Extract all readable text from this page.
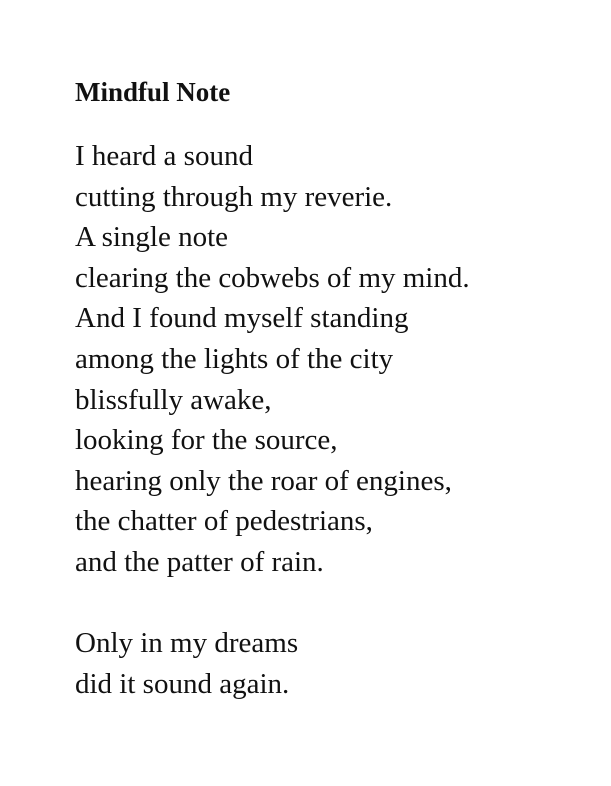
Mindful Note
I heard a sound
cutting through my reverie.
A single note
clearing the cobwebs of my mind.
And I found myself standing
among the lights of the city
blissfully awake,
looking for the source,
hearing only the roar of engines,
the chatter of pedestrians,
and the patter of rain.
Only in my dreams
did it sound again.
